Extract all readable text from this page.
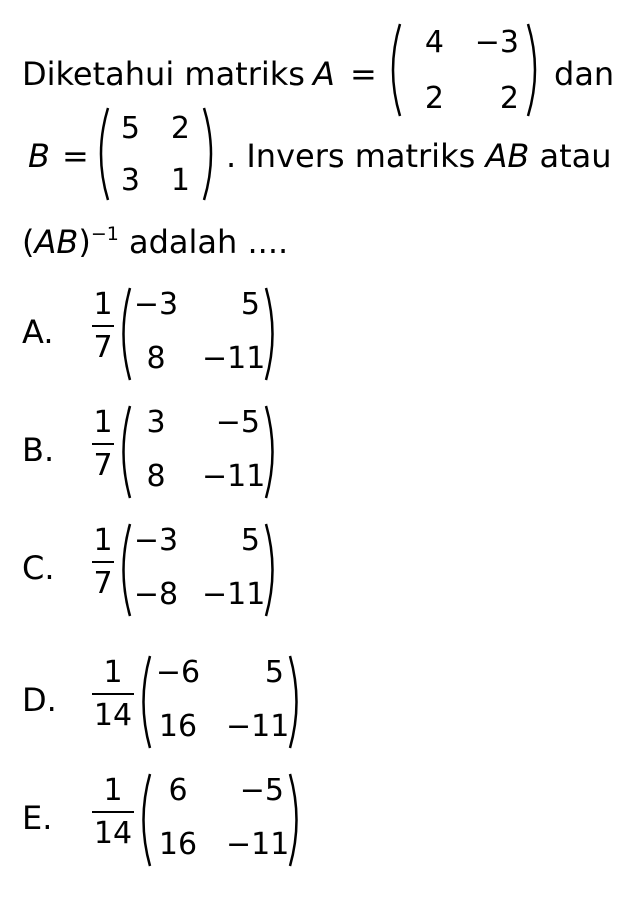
Diketahui matriks A =
4 −3
2	2
dan
B =
5	2
3	1
. Invers matriks AB atau
(AB)$^{-1}$ adalah ....
A.
1
7
−3	5
8	−11
B.
1
7
3	−5
8	−11
C.
1
7
−3	5
−8 −11
D.
1
14
−6	5
16 −11
E.
1
14
6	−5
16 −11
